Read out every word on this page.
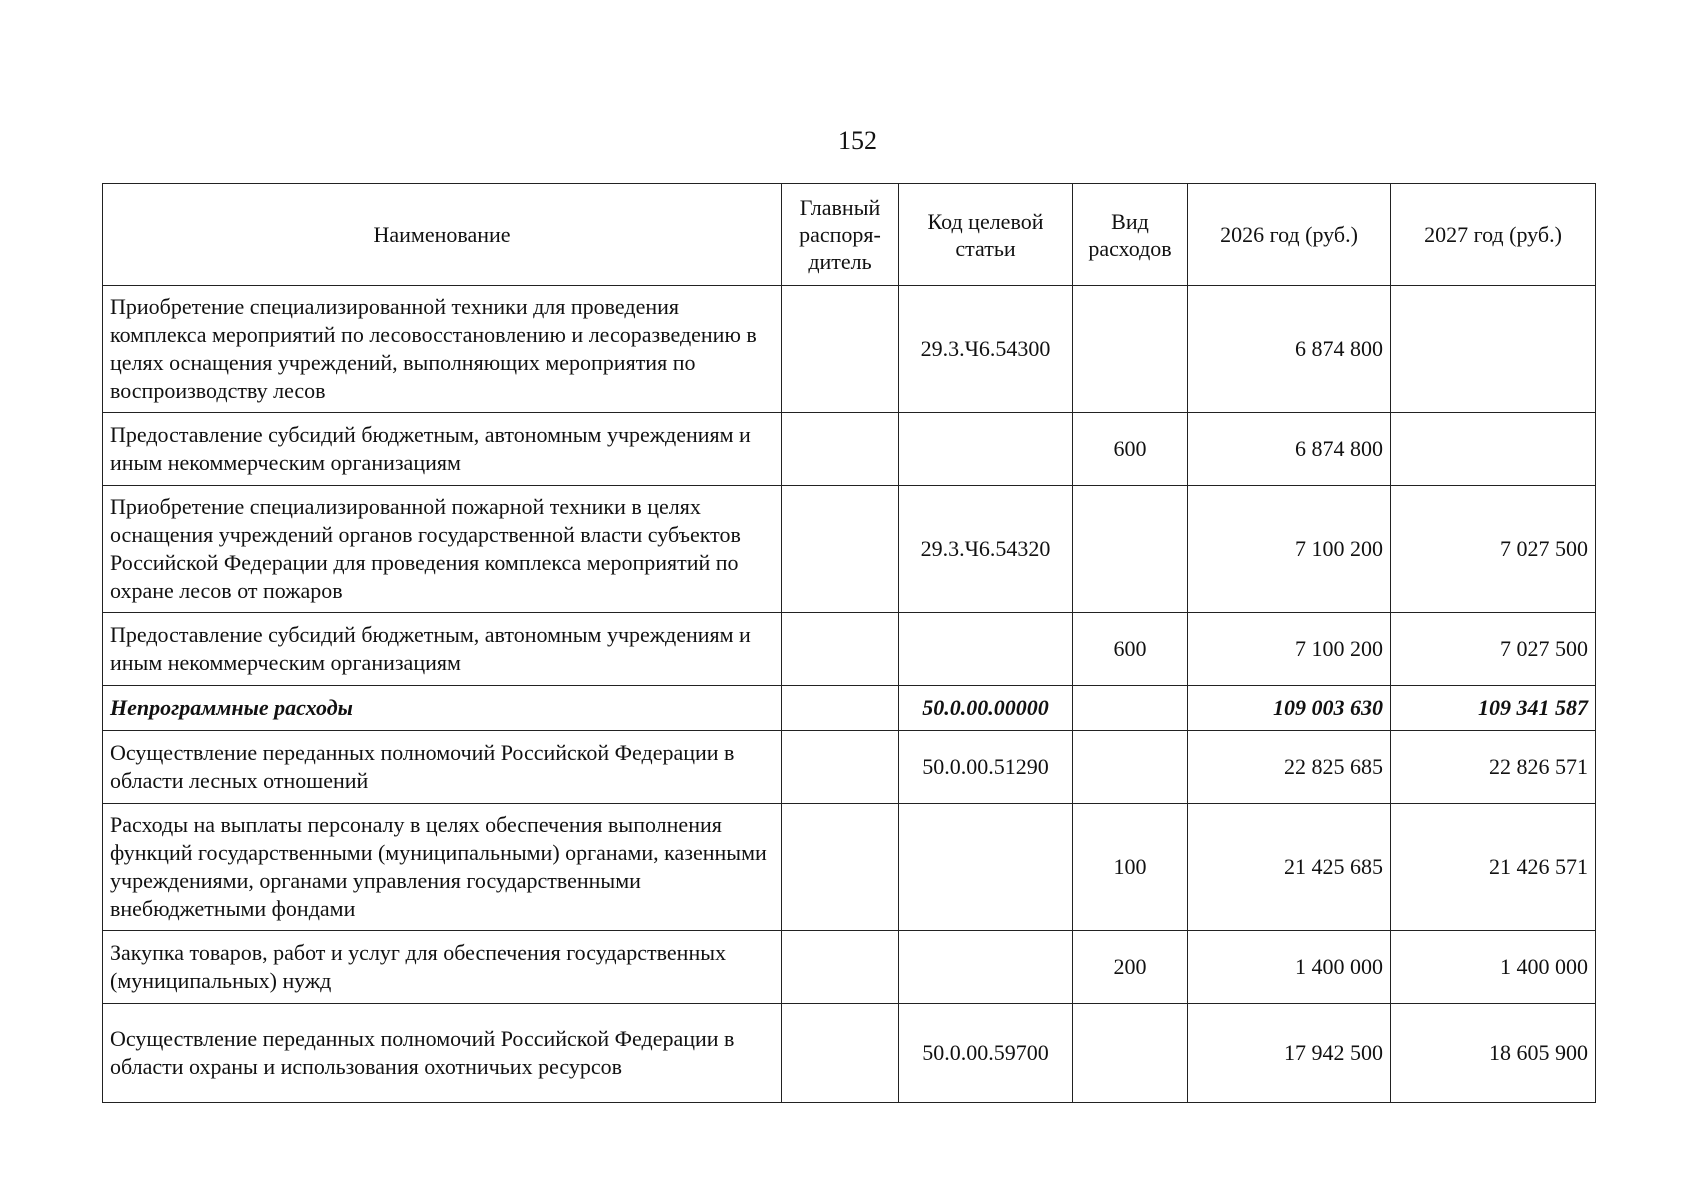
152
Наименование	Главный распоря-дитель	Код целевой статьи	Вид расходов	2026 год (руб.)	2027 год (руб.)
Приобретение специализированной техники для проведения комплекса мероприятий по лесовосстановлению и лесоразведению в целях оснащения учреждений, выполняющих мероприятия по воспроизводству лесов		29.3.Ч6.54300		6 874 800	
Предоставление субсидий бюджетным, автономным учреждениям и иным некоммерческим организациям			600	6 874 800	
Приобретение специализированной пожарной техники в целях оснащения учреждений органов государственной власти субъектов Российской Федерации для проведения комплекса мероприятий по охране лесов от пожаров		29.3.Ч6.54320		7 100 200	7 027 500
Предоставление субсидий бюджетным, автономным учреждениям и иным некоммерческим организациям			600	7 100 200	7 027 500
Непрограммные расходы		50.0.00.00000		109 003 630	109 341 587
Осуществление переданных полномочий Российской Федерации в области лесных отношений		50.0.00.51290		22 825 685	22 826 571
Расходы на выплаты персоналу в целях обеспечения выполнения функций государственными (муниципальными) органами, казенными учреждениями, органами управления государственными внебюджетными фондами			100	21 425 685	21 426 571
Закупка товаров, работ и услуг для обеспечения государственных (муниципальных) нужд			200	1 400 000	1 400 000
Осуществление переданных полномочий Российской Федерации в области охраны и использования охотничьих ресурсов		50.0.00.59700		17 942 500	18 605 900
